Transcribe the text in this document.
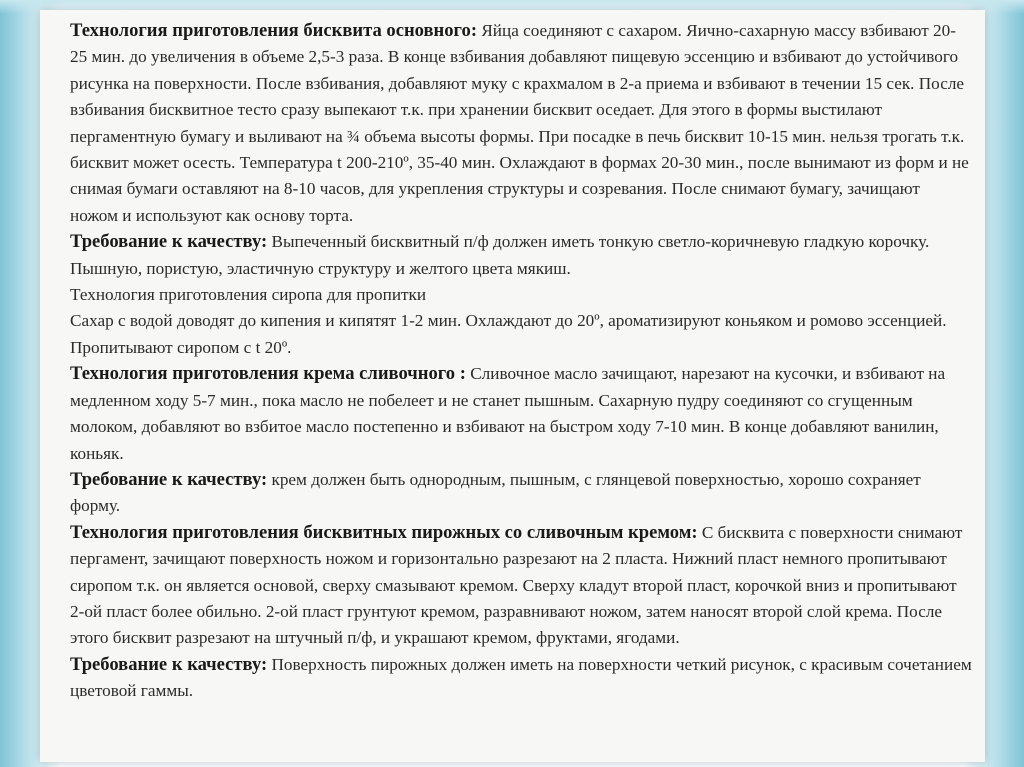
Технология приготовления бисквита основного: Яйца соединяют с сахаром. Яично-сахарную массу взбивают 20-25 мин. до увеличения в объеме 2,5-3 раза. В конце взбивания добавляют пищевую эссенцию и взбивают до устойчивого рисунка на поверхности. После взбивания, добавляют муку с крахмалом в 2-а приема и взбивают в течении 15 сек. После взбивания бисквитное тесто сразу выпекают т.к. при хранении бисквит оседает. Для этого в формы выстилают пергаментную бумагу и выливают на ¾ объема высоты формы. При посадке в печь бисквит 10-15 мин. нельзя трогать т.к. бисквит может осесть. Температура t 200-210º, 35-40 мин. Охлаждают в формах 20-30 мин., после вынимают из форм и не снимая бумаги оставляют на 8-10 часов, для укрепления структуры и созревания. После снимают бумагу, зачищают ножом и используют как основу торта.

Требование к качеству: Выпеченный бисквитный п/ф должен иметь тонкую светло-коричневую гладкую корочку. Пышную, пористую, эластичную структуру и желтого цвета мякиш.

Технология приготовления сиропа для пропитки

Сахар с водой доводят до кипения и кипятят 1-2 мин. Охлаждают до 20º, ароматизируют коньяком и ромово эссенцией. Пропитывают сиропом с t 20º.

Технология приготовления крема сливочного : Сливочное масло зачищают, нарезают на кусочки, и взбивают на медленном ходу 5-7 мин., пока масло не побелеет и не станет пышным. Сахарную пудру соединяют со сгущенным молоком, добавляют во взбитое масло постепенно и взбивают на быстром ходу 7-10 мин. В конце добавляют ванилин, коньяк.

Требование к качеству: крем должен быть однородным, пышным, с глянцевой поверхностью, хорошо сохраняет форму.

Технология приготовления бисквитных пирожных со сливочным кремом: С бисквита с поверхности снимают пергамент, зачищают поверхность ножом и горизонтально разрезают на 2 пласта. Нижний пласт немного пропитывают сиропом т.к. он является основой, сверху смазывают кремом. Сверху кладут второй пласт, корочкой вниз и пропитывают 2-ой пласт более обильно. 2-ой пласт грунтуют кремом, разравнивают ножом, затем наносят второй слой крема. После этого бисквит разрезают на штучный п/ф, и украшают кремом, фруктами, ягодами.

Требование к качеству: Поверхность пирожных должен иметь на поверхности четкий рисунок, с красивым сочетанием цветовой гаммы.
